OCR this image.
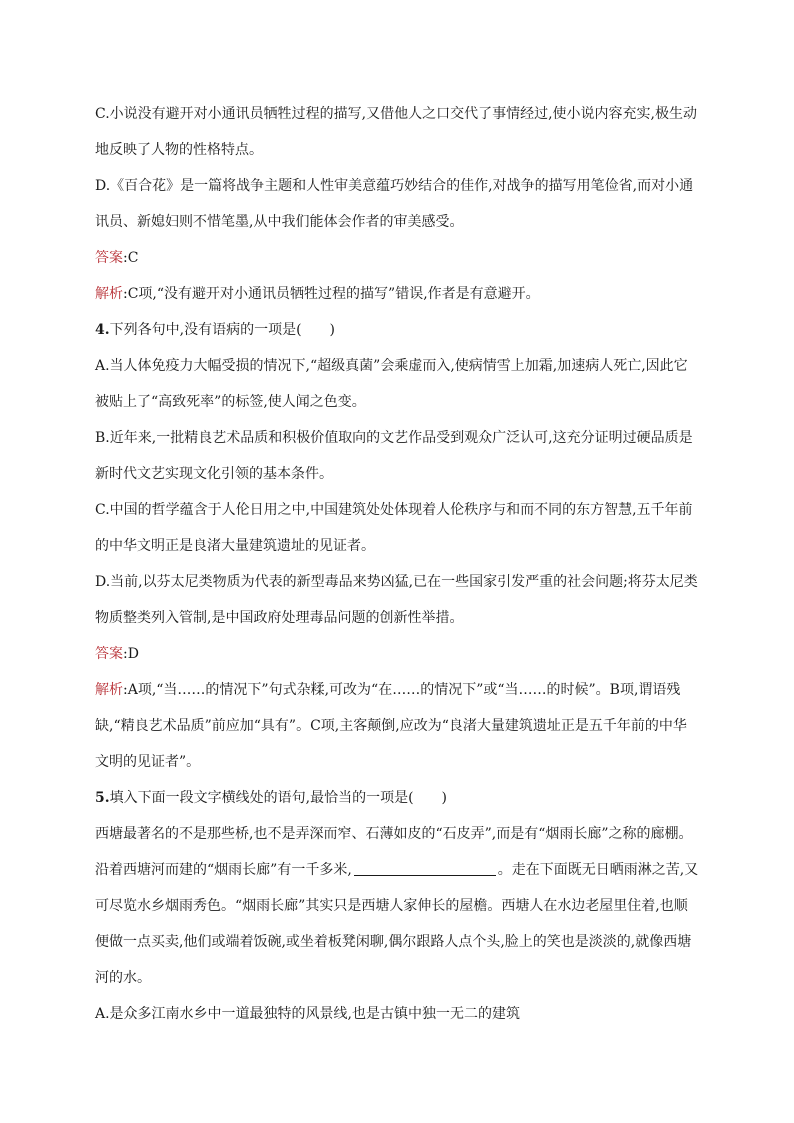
C.小说没有避开对小通讯员牺牲过程的描写,又借他人之口交代了事情经过,使小说内容充实,极生动地反映了人物的性格特点。

D.《百合花》是一篇将战争主题和人性审美意蕴巧妙结合的佳作,对战争的描写用笔俭省,而对小通讯员、新媳妇则不惜笔墨,从中我们能体会作者的审美感受。

答案:C

解析:C项,“没有避开对小通讯员牺牲过程的描写”错误,作者是有意避开。

4.下列各句中,没有语病的一项是(　　)

A.当人体免疫力大幅受损的情况下,“超级真菌”会乘虚而入,使病情雪上加霜,加速病人死亡,因此它被贴上了“高致死率”的标签,使人闻之色变。

B.近年来,一批精良艺术品质和积极价值取向的文艺作品受到观众广泛认可,这充分证明过硬品质是新时代文艺实现文化引领的基本条件。

C.中国的哲学蕴含于人伦日用之中,中国建筑处处体现着人伦秩序与和而不同的东方智慧,五千年前的中华文明正是良渚大量建筑遗址的见证者。

D.当前,以芬太尼类物质为代表的新型毒品来势凶猛,已在一些国家引发严重的社会问题;将芬太尼类物质整类列入管制,是中国政府处理毒品问题的创新性举措。

答案:D

解析:A项,“当……的情况下”句式杂糅,可改为“在……的情况下”或“当……的时候”。B项,谓语残缺,“精良艺术品质”前应加“具有”。C项,主客颠倒,应改为“良渚大量建筑遗址正是五千年前的中华文明的见证者”。

5.填入下面一段文字横线处的语句,最恰当的一项是(　　)

西塘最著名的不是那些桥,也不是弄深而窄、石薄如皮的“石皮弄”,而是有“烟雨长廊”之称的廊棚。沿着西塘河而建的“烟雨长廊”有一千多米,	。走在下面既无日晒雨淋之苦,又可尽览水乡烟雨秀色。“烟雨长廊”其实只是西塘人家伸长的屋檐。西塘人在水边老屋里住着,也顺便做一点买卖,他们或端着饭碗,或坐着板凳闲聊,偶尔跟路人点个头,脸上的笑也是淡淡的,就像西塘河的水。

A.是众多江南水乡中一道最独特的风景线,也是古镇中独一无二的建筑
